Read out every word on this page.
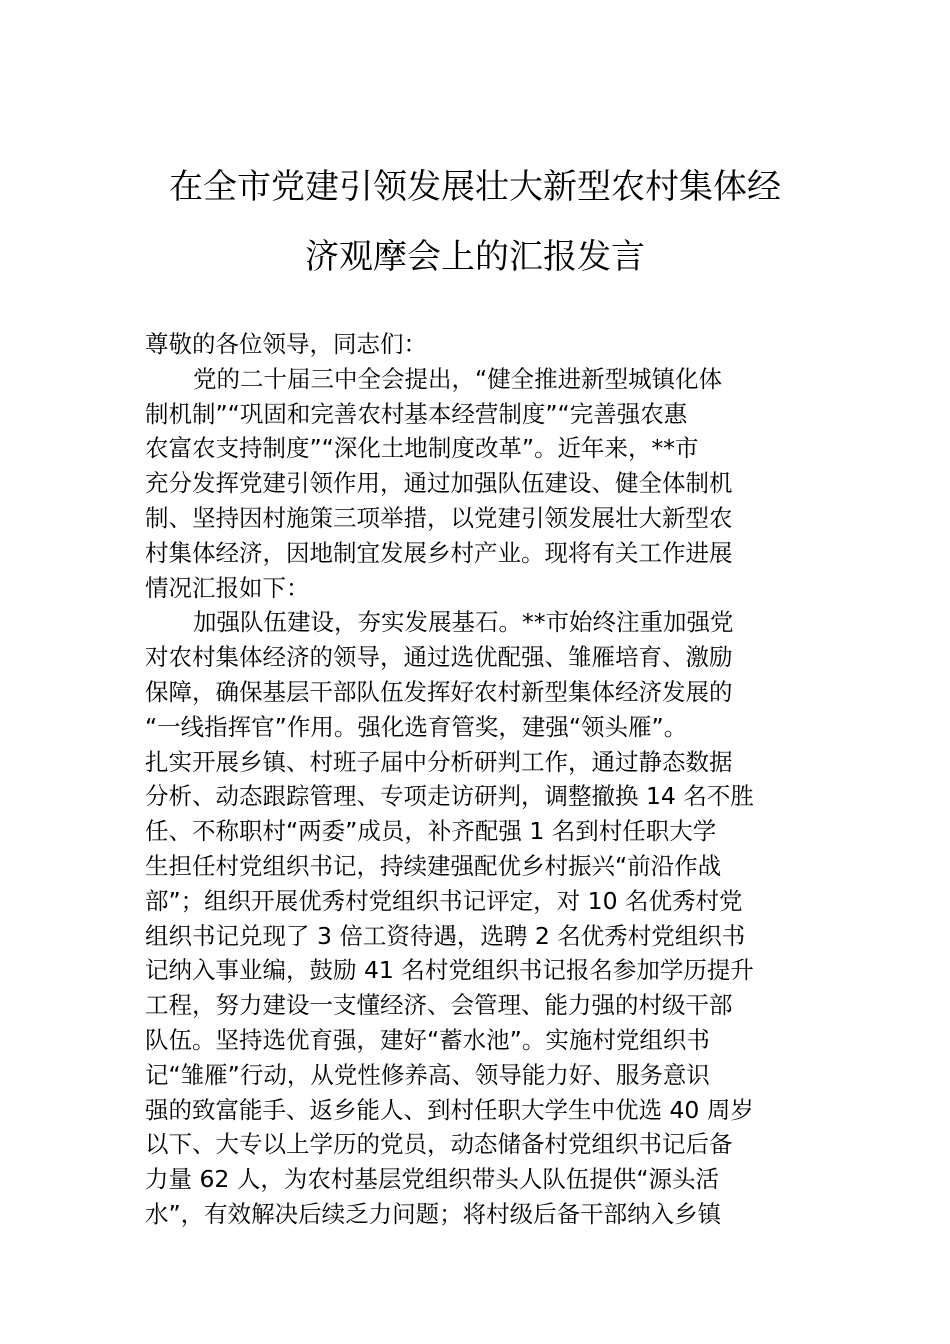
在全市党建引领发展壮大新型农村集体经
济观摩会上的汇报发言
尊敬的各位领导，同志们：
党的二十届三中全会提出，“健全推进新型城镇化体
制机制”“巩固和完善农村基本经营制度”“完善强农惠
农富农支持制度”“深化土地制度改革”。近年来，**市
充分发挥党建引领作用，通过加强队伍建设、健全体制机
制、坚持因村施策三项举措，以党建引领发展壮大新型农
村集体经济，因地制宜发展乡村产业。现将有关工作进展
情况汇报如下：
加强队伍建设，夯实发展基石。**市始终注重加强党
对农村集体经济的领导，通过选优配强、雏雁培育、激励
保障，确保基层干部队伍发挥好农村新型集体经济发展的
“一线指挥官”作用。强化选育管奖，建强“领头雁”。
扎实开展乡镇、村班子届中分析研判工作，通过静态数据
分析、动态跟踪管理、专项走访研判，调整撤换 14 名不胜
任、不称职村“两委”成员，补齐配强 1 名到村任职大学
生担任村党组织书记，持续建强配优乡村振兴“前沿作战
部”；组织开展优秀村党组织书记评定，对 10 名优秀村党
组织书记兑现了 3 倍工资待遇，选聘 2 名优秀村党组织书
记纳入事业编，鼓励 41 名村党组织书记报名参加学历提升
工程，努力建设一支懂经济、会管理、能力强的村级干部
队伍。坚持选优育强，建好“蓄水池”。实施村党组织书
记“雏雁”行动，从党性修养高、领导能力好、服务意识
强的致富能手、返乡能人、到村任职大学生中优选 40 周岁
以下、大专以上学历的党员，动态储备村党组织书记后备
力量 62 人，为农村基层党组织带头人队伍提供“源头活
水”，有效解决后续乏力问题；将村级后备干部纳入乡镇
